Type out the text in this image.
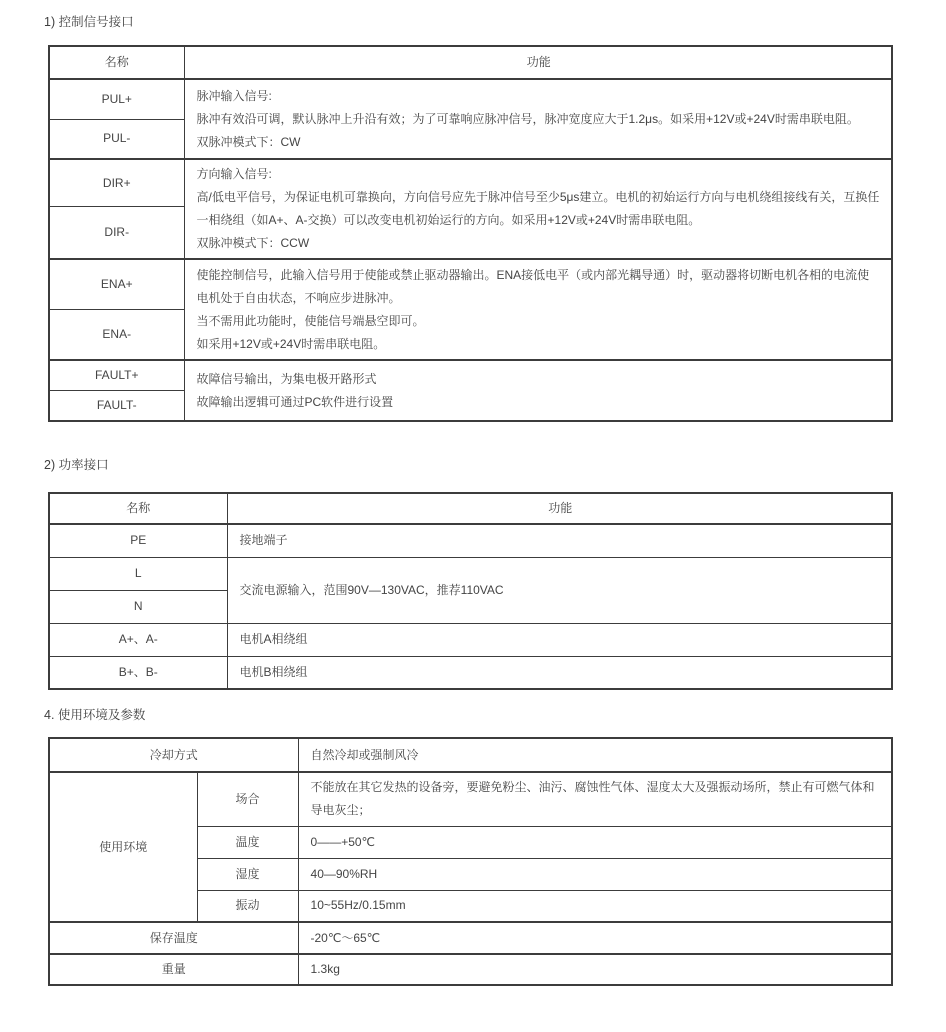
1) 控制信号接口
名称	功能
PUL+	脉冲输入信号:

脉冲有效沿可调，默认脉冲上升沿有效；为了可靠响应脉冲信号，脉冲宽度应大于1.2μs。如采用+12V或+24V时需串联电阻。

双脉冲模式下：CW

PUL-	
DIR+	方向输入信号:

高/低电平信号，为保证电机可靠换向，方向信号应先于脉冲信号至少5μs建立。电机的初始运行方向与电机绕组接线有关，互换任一相绕组（如A+、A-交换）可以改变电机初始运行的方向。如采用+12V或+24V时需串联电阻。

双脉冲模式下：CCW

DIR-	
ENA+	使能控制信号，此输入信号用于使能或禁止驱动器输出。ENA接低电平（或内部光耦导通）时，驱动器将切断电机各相的电流使电机处于自由状态，不响应步进脉冲。

当不需用此功能时，使能信号端悬空即可。

如采用+12V或+24V时需串联电阻。

ENA-	
FAULT+	故障信号输出，为集电极开路形式

故障输出逻辑可通过PC软件进行设置

FAULT-	
2) 功率接口
名称	功能
PE	接地端子
L	交流电源输入，范围90V—130VAC，推荐110VAC
N	
A+、A-	电机A相绕组
B+、B-	电机B相绕组
4. 使用环境及参数
冷却方式		自然冷却或强制风冷
使用环境	场合	不能放在其它发热的设备旁，要避免粉尘、油污、腐蚀性气体、湿度太大及强振动场所，禁止有可燃气体和导电灰尘；
	温度	0——+50℃
	湿度	40—90%RH
	振动	10~55Hz/0.15mm
保存温度		-20℃～65℃
重量		1.3kg
